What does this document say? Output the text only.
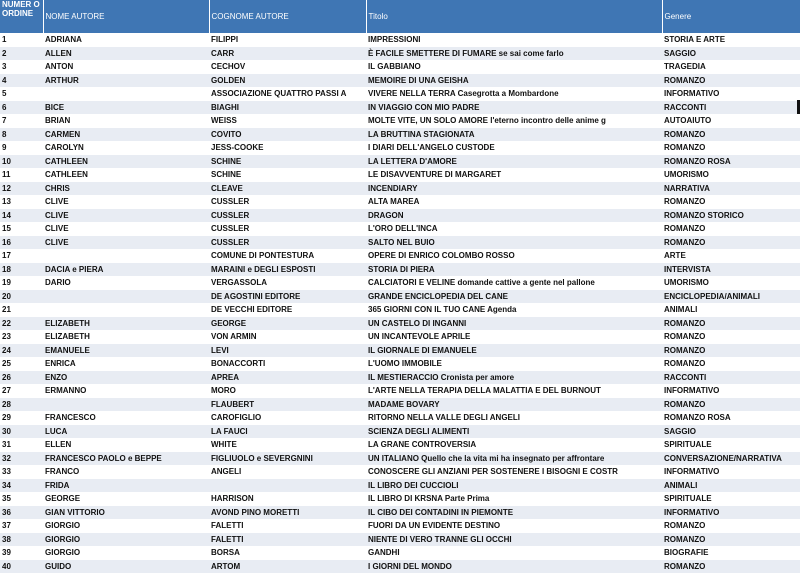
NUMER O ORDINE	NOME AUTORE	COGNOME AUTORE	Titolo	Genere
1	ADRIANA	FILIPPI	IMPRESSIONI	STORIA E ARTE
2	ALLEN	CARR	È FACILE SMETTERE DI FUMARE se sai come farlo	SAGGIO
3	ANTON	CECHOV	IL GABBIANO	TRAGEDIA
4	ARTHUR	GOLDEN	MEMOIRE DI UNA GEISHA	ROMANZO
5		ASSOCIAZIONE QUATTRO PASSI A	VIVERE NELLA TERRA Casegrotta a Mombardone	INFORMATIVO
6	BICE	BIAGHI	IN VIAGGIO CON MIO PADRE	RACCONTI
7	BRIAN	WEISS	MOLTE VITE, UN SOLO AMORE l'eterno incontro delle anime g	AUTOAIUTO
8	CARMEN	COVITO	LA BRUTTINA STAGIONATA	ROMANZO
9	CAROLYN	JESS-COOKE	I DIARI DELL'ANGELO CUSTODE	ROMANZO
10	CATHLEEN	SCHINE	LA LETTERA D'AMORE	ROMANZO ROSA
11	CATHLEEN	SCHINE	LE DISAVVENTURE DI MARGARET	UMORISMO
12	CHRIS	CLEAVE	INCENDIARY	NARRATIVA
13	CLIVE	CUSSLER	ALTA MAREA	ROMANZO
14	CLIVE	CUSSLER	DRAGON	ROMANZO STORICO
15	CLIVE	CUSSLER	L'ORO DELL'INCA	ROMANZO
16	CLIVE	CUSSLER	SALTO NEL BUIO	ROMANZO
17		COMUNE DI PONTESTURA	OPERE DI ENRICO COLOMBO ROSSO	ARTE
18	DACIA e PIERA	MARAINI e DEGLI ESPOSTI	STORIA DI PIERA	INTERVISTA
19	DARIO	VERGASSOLA	CALCIATORI E VELINE domande cattive a gente nel pallone	UMORISMO
20		DE AGOSTINI EDITORE	GRANDE ENCICLOPEDIA DEL CANE	ENCICLOPEDIA/ANIMALI
21		DE VECCHI EDITORE	365 GIORNI CON IL TUO CANE Agenda	ANIMALI
22	ELIZABETH	GEORGE	UN CASTELO DI INGANNI	ROMANZO
23	ELIZABETH	VON ARMIN	UN INCANTEVOLE APRILE	ROMANZO
24	EMANUELE	LEVI	IL GIORNALE DI EMANUELE	ROMANZO
25	ENRICA	BONACCORTI	L'UOMO IMMOBILE	ROMANZO
26	ENZO	APREA	IL MESTIERACCIO Cronista per amore	RACCONTI
27	ERMANNO	MORO	L'ARTE NELLA TERAPIA DELLA MALATTIA E DEL BURNOUT	INFORMATIVO
28		FLAUBERT	MADAME BOVARY	ROMANZO
29	FRANCESCO	CAROFIGLIO	RITORNO NELLA VALLE DEGLI ANGELI	ROMANZO ROSA
30	LUCA	LA FAUCI	SCIENZA DEGLI ALIMENTI	SAGGIO
31	ELLEN	WHITE	LA GRANE CONTROVERSIA	SPIRITUALE
32	FRANCESCO PAOLO e BEPPE	FIGLIUOLO e SEVERGNINI	UN ITALIANO Quello che la vita mi ha insegnato per affrontare	CONVERSAZIONE/NARRATIVA
33	FRANCO	ANGELI	CONOSCERE GLI ANZIANI PER SOSTENERE I BISOGNI E COSTR	INFORMATIVO
34	FRIDA		IL LIBRO DEI CUCCIOLI	ANIMALI
35	GEORGE	HARRISON	IL LIBRO DI KRSNA Parte Prima	SPIRITUALE
36	GIAN VITTORIO	AVOND PINO MORETTI	IL CIBO DEI CONTADINI IN PIEMONTE	INFORMATIVO
37	GIORGIO	FALETTI	FUORI DA UN EVIDENTE DESTINO	ROMANZO
38	GIORGIO	FALETTI	NIENTE DI VERO TRANNE GLI OCCHI	ROMANZO
39	GIORGIO	BORSA	GANDHI	BIOGRAFIE
40	GUIDO	ARTOM	I GIORNI DEL MONDO	ROMANZO
